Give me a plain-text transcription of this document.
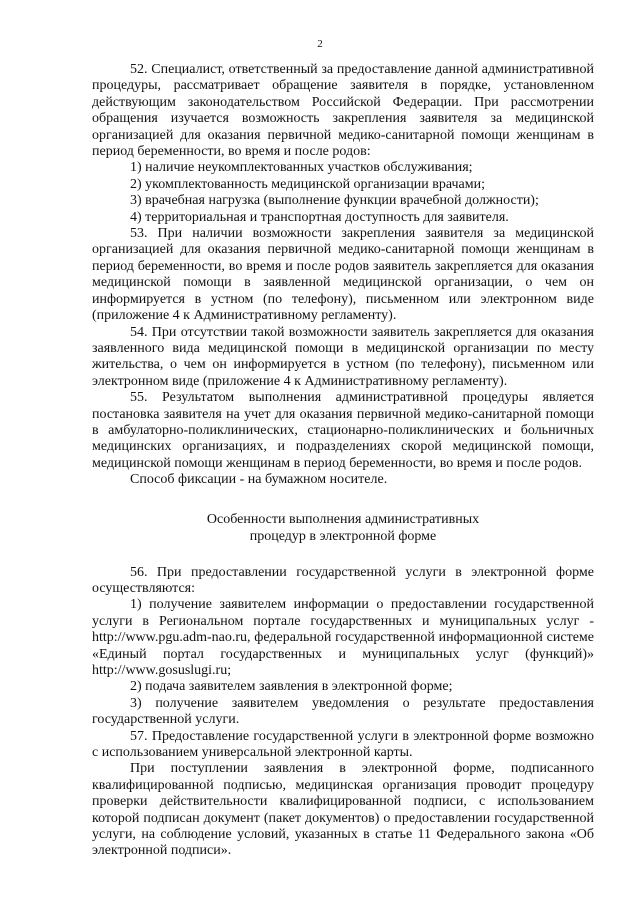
2

52. Специалист, ответственный за предоставление данной административной процедуры, рассматривает обращение заявителя в порядке, установленном действующим законодательством Российской Федерации. При рассмотрении обращения изучается возможность закрепления заявителя за медицинской организацией для оказания первичной медико-санитарной помощи женщинам в период беременности, во время и после родов:

1) наличие неукомплектованных участков обслуживания;

2) укомплектованность медицинской организации врачами;

3) врачебная нагрузка (выполнение функции врачебной должности);

4) территориальная и транспортная доступность для заявителя.

53. При наличии возможности закрепления заявителя за медицинской организацией для оказания первичной медико-санитарной помощи женщинам в период беременности, во время и после родов заявитель закрепляется для оказания медицинской помощи в заявленной медицинской организации, о чем он информируется в устном (по телефону), письменном или электронном виде (приложение 4 к Административному регламенту).

54. При отсутствии такой возможности заявитель закрепляется для оказания заявленного вида медицинской помощи в медицинской организации по месту жительства, о чем он информируется в устном (по телефону), письменном или электронном виде (приложение 4 к Административному регламенту).

55. Результатом выполнения административной процедуры является постановка заявителя на учет для оказания первичной медико-санитарной помощи в амбулаторно-поликлинических, стационарно-поликлинических и больничных медицинских организациях, и подразделениях скорой медицинской помощи, медицинской помощи женщинам в период беременности, во время и после родов.

Способ фиксации - на бумажном носителе.

Особенности выполнения административных
процедур в электронной форме

56. При предоставлении государственной услуги в электронной форме осуществляются:

1) получение заявителем информации о предоставлении государственной услуги в Региональном портале государственных и муниципальных услуг - http://www.pgu.adm-nao.ru, федеральной государственной информационной системе «Единый портал государственных и муниципальных услуг (функций)» http://www.gosuslugi.ru;

2) подача заявителем заявления в электронной форме;

3) получение заявителем уведомления о результате предоставления государственной услуги.

57. Предоставление государственной услуги в электронной форме возможно с использованием универсальной электронной карты.

При поступлении заявления в электронной форме, подписанного квалифицированной подписью, медицинская организация проводит процедуру проверки действительности квалифицированной подписи, с использованием которой подписан документ (пакет документов) о предоставлении государственной услуги, на соблюдение условий, указанных в статье 11 Федерального закона «Об электронной подписи».
